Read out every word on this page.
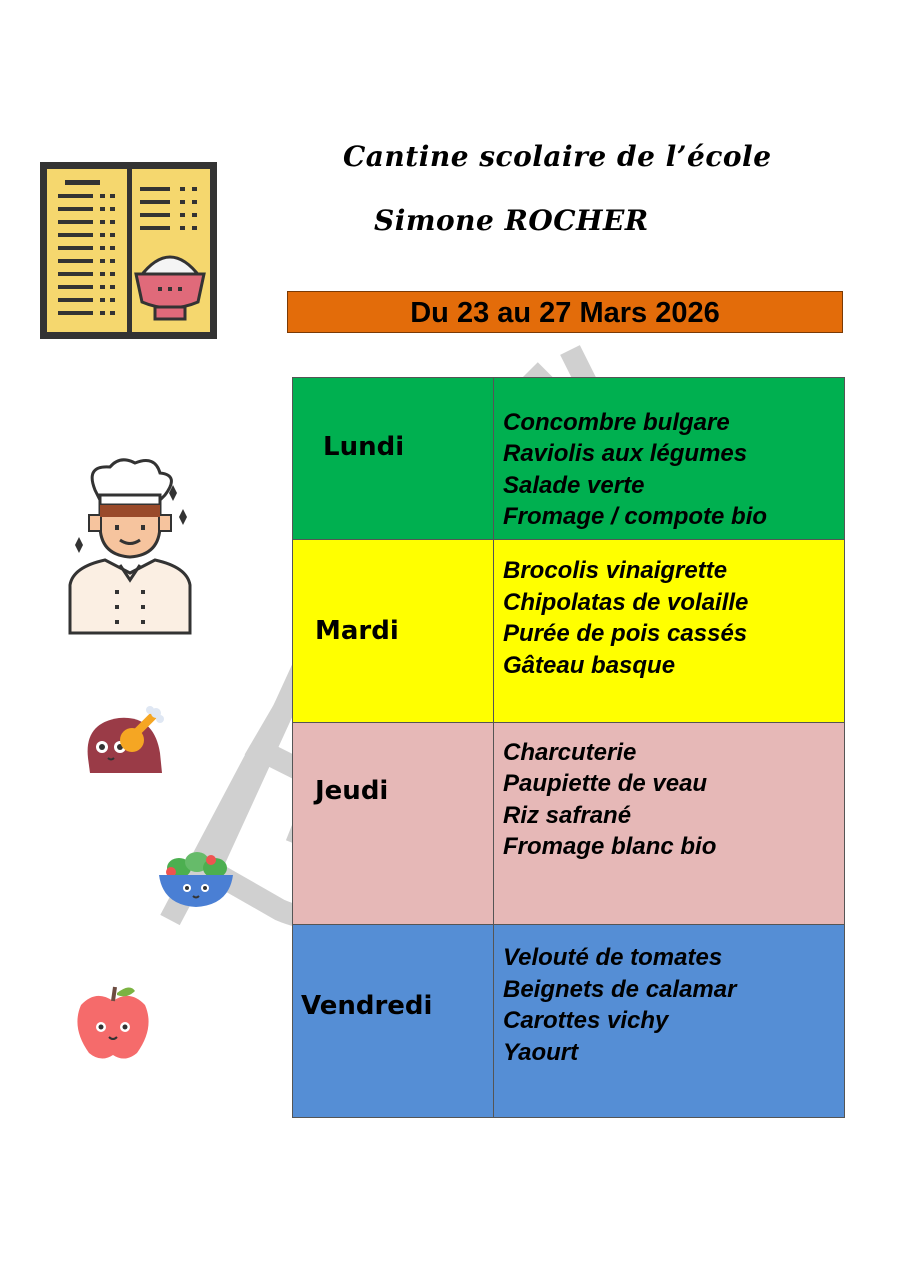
Cantine scolaire de l’école
Simone ROCHER
Du 23 au 27 Mars 2026
Lundi	Concombre bulgare
Raviolis aux légumes
Salade verte
Fromage / compote bio

Mardi	Brocolis vinaigrette
Chipolatas de volaille
Purée de pois cassés
Gâteau basque

Jeudi	Charcuterie
Paupiette de veau
Riz safrané
Fromage blanc bio

Vendredi	Velouté de tomates
Beignets de calamar
Carottes vichy
Yaourt
